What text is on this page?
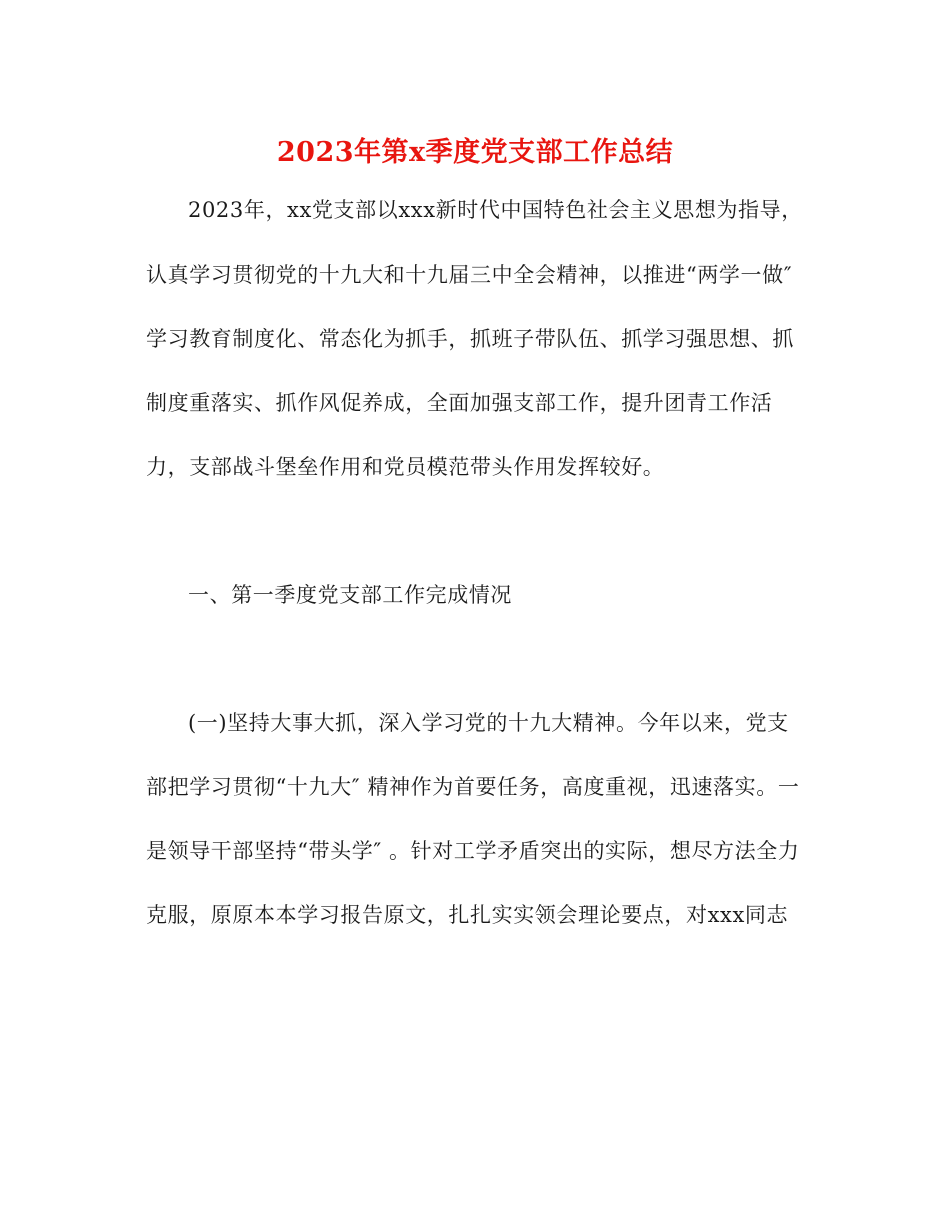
2023年第x季度党支部工作总结

2023年，xx党支部以xxx新时代中国特色社会主义思想为指导，

认真学习贯彻党的十九大和十九届三中全会精神，以推进“两学一做″

学习教育制度化、常态化为抓手，抓班子带队伍、抓学习强思想、抓

制度重落实、抓作风促养成，全面加强支部工作，提升团青工作活

力，支部战斗堡垒作用和党员模范带头作用发挥较好。

一、第一季度党支部工作完成情况

(一)坚持大事大抓，深入学习党的十九大精神。今年以来，党支

部把学习贯彻“十九大″ 精神作为首要任务，高度重视，迅速落实。一

是领导干部坚持“带头学″ 。针对工学矛盾突出的实际，想尽方法全力

克服，原原本本学习报告原文，扎扎实实领会理论要点，对xxx同志
